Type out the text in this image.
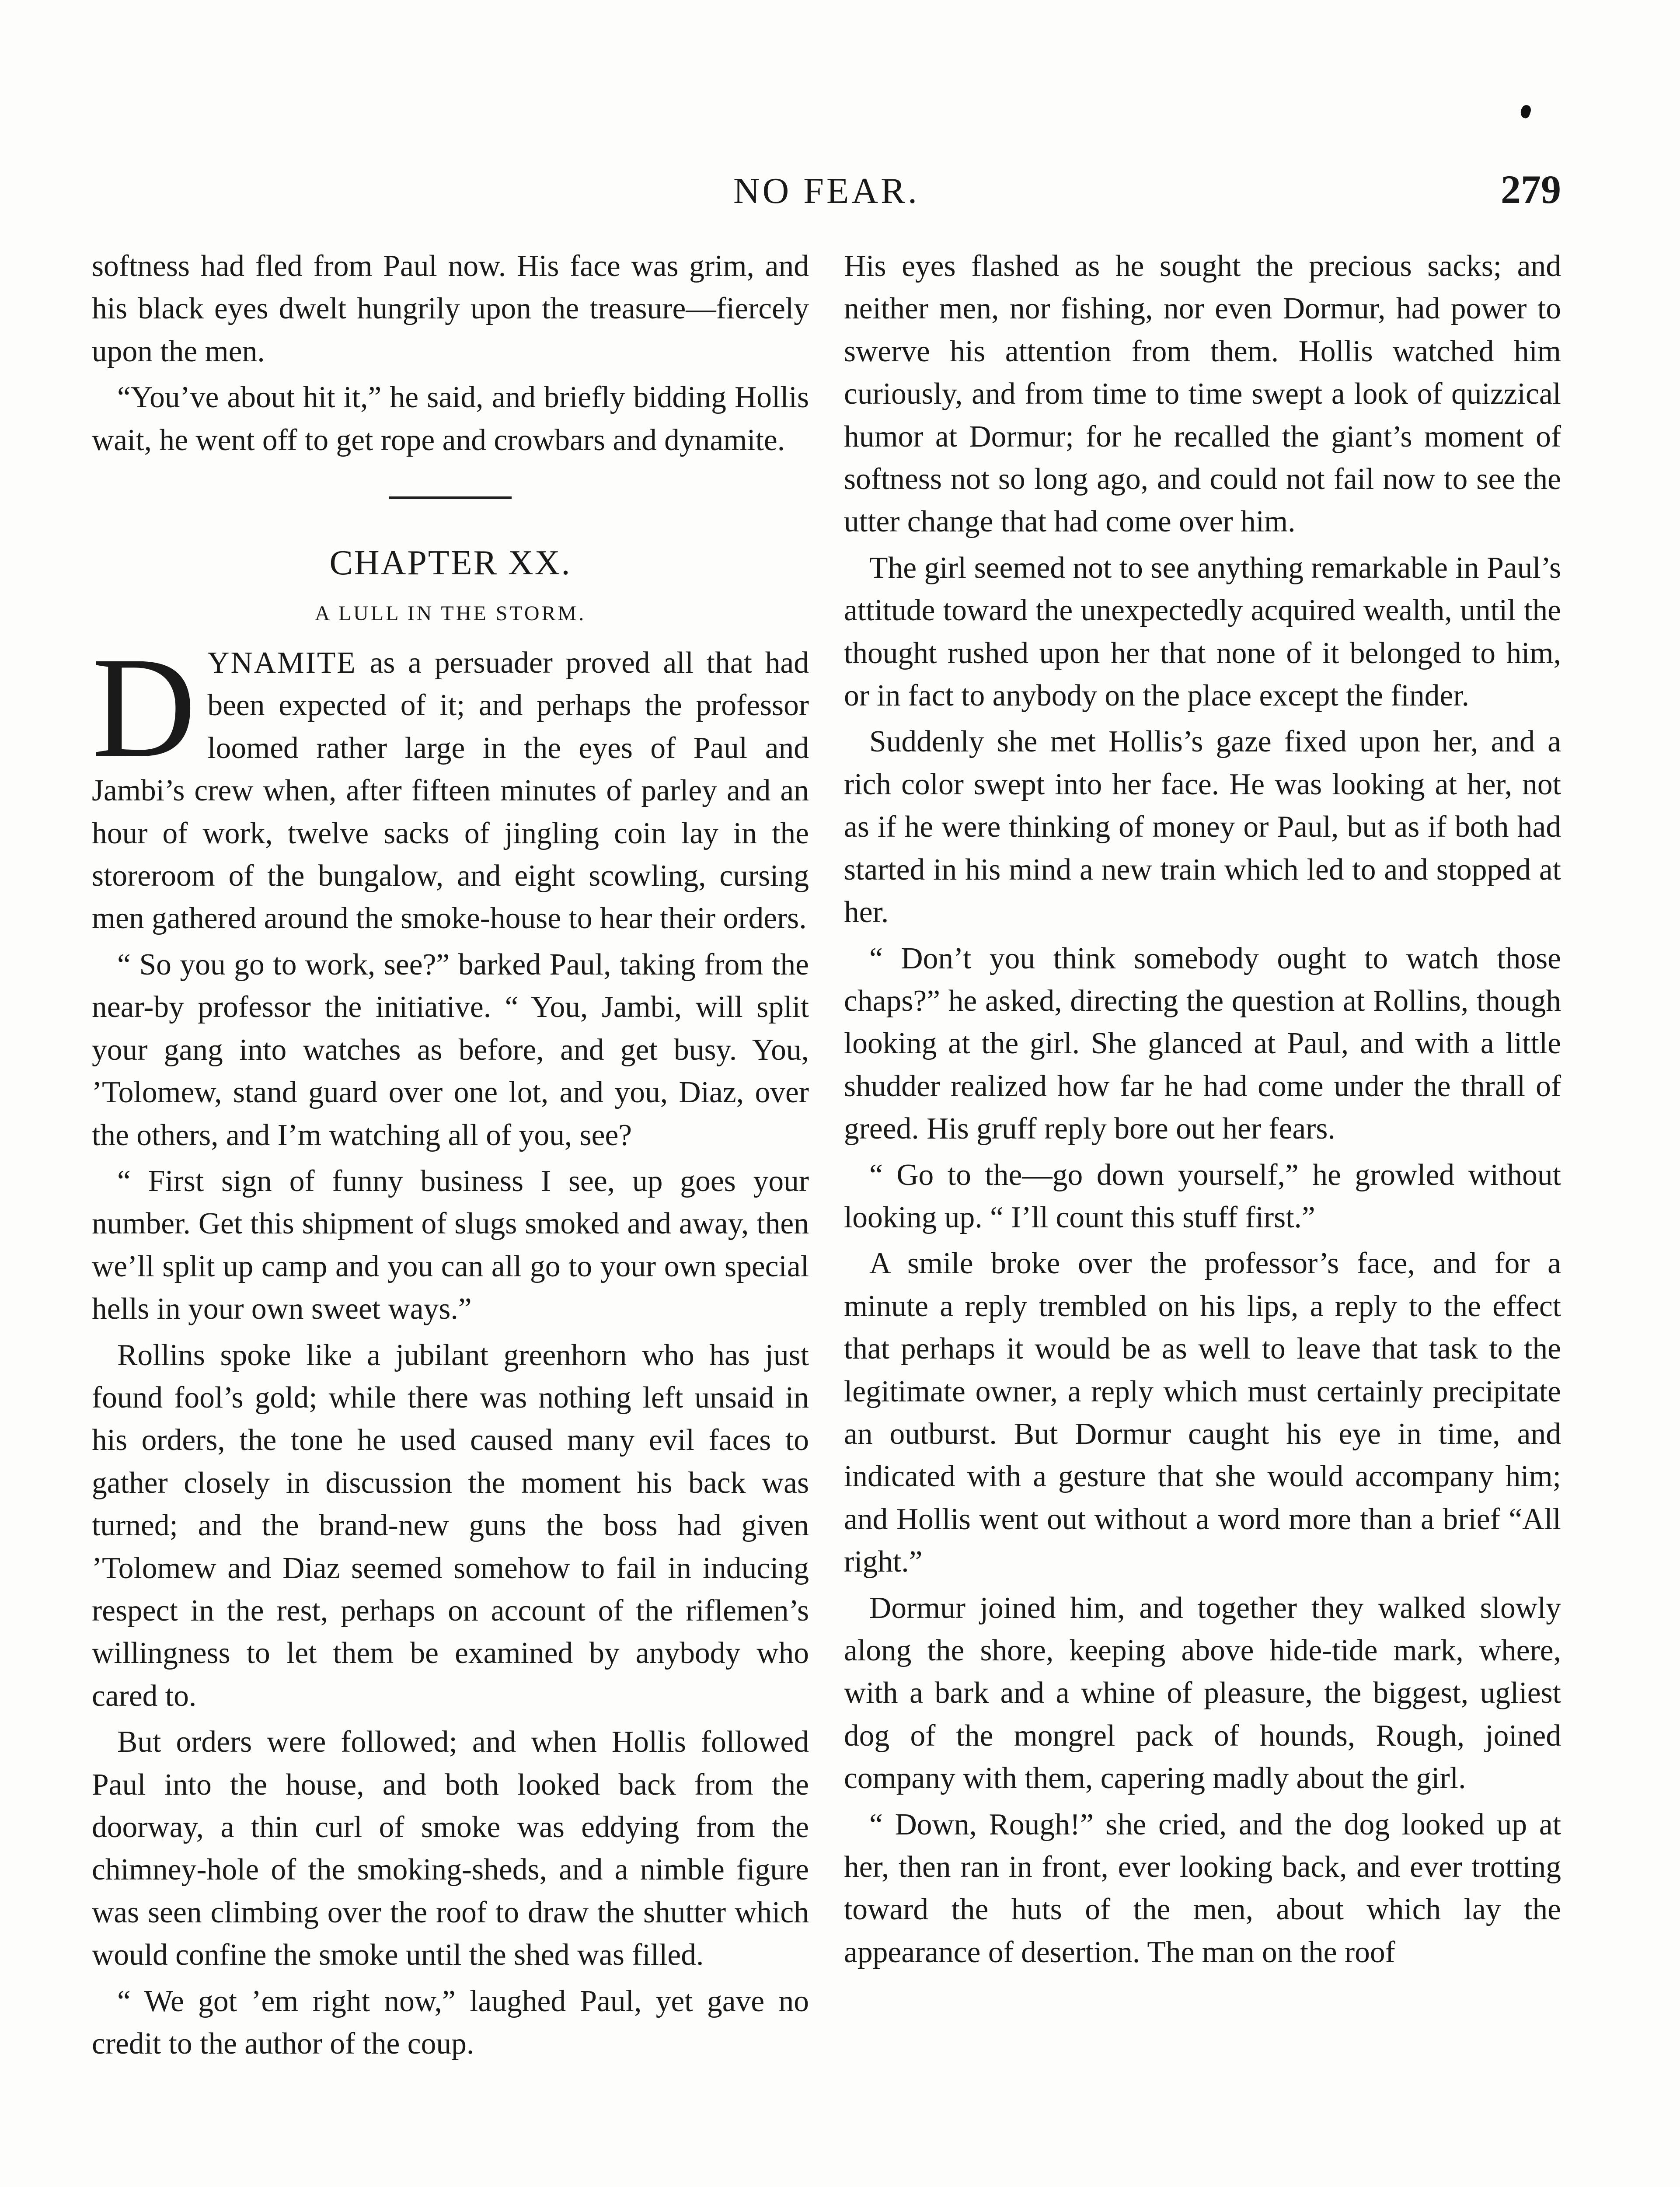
NO FEAR.	279

softness had fled from Paul now. His face was grim, and his black eyes dwelt hungrily upon the treasure—fiercely upon the men.

“You’ve about hit it,” he said, and briefly bidding Hollis wait, he went off to get rope and crowbars and dynamite.

CHAPTER XX.
A LULL IN THE STORM.

DYNAMITE as a persuader proved all that had been expected of it; and perhaps the professor loomed rather large in the eyes of Paul and Jambi’s crew when, after fifteen minutes of parley and an hour of work, twelve sacks of jingling coin lay in the storeroom of the bungalow, and eight scowling, cursing men gathered around the smoke-house to hear their orders.

“ So you go to work, see?” barked Paul, taking from the near-by professor the initiative. “ You, Jambi, will split your gang into watches as before, and get busy. You, ’Tolomew, stand guard over one lot, and you, Diaz, over the others, and I’m watching all of you, see?

“ First sign of funny business I see, up goes your number. Get this shipment of slugs smoked and away, then we’ll split up camp and you can all go to your own special hells in your own sweet ways.”

Rollins spoke like a jubilant greenhorn who has just found fool’s gold; while there was nothing left unsaid in his orders, the tone he used caused many evil faces to gather closely in discussion the moment his back was turned; and the brand-new guns the boss had given ’Tolomew and Diaz seemed somehow to fail in inducing respect in the rest, perhaps on account of the riflemen’s willingness to let them be examined by anybody who cared to.

But orders were followed; and when Hollis followed Paul into the house, and both looked back from the doorway, a thin curl of smoke was eddying from the chimney-hole of the smoking-sheds, and a nimble figure was seen climbing over the roof to draw the shutter which would confine the smoke until the shed was filled.

“ We got ’em right now,” laughed Paul, yet gave no credit to the author of the coup.

His eyes flashed as he sought the precious sacks; and neither men, nor fishing, nor even Dormur, had power to swerve his attention from them. Hollis watched him curiously, and from time to time swept a look of quizzical humor at Dormur; for he recalled the giant’s moment of softness not so long ago, and could not fail now to see the utter change that had come over him.

The girl seemed not to see anything remarkable in Paul’s attitude toward the unexpectedly acquired wealth, until the thought rushed upon her that none of it belonged to him, or in fact to anybody on the place except the finder.

Suddenly she met Hollis’s gaze fixed upon her, and a rich color swept into her face. He was looking at her, not as if he were thinking of money or Paul, but as if both had started in his mind a new train which led to and stopped at her.

“ Don’t you think somebody ought to watch those chaps?” he asked, directing the question at Rollins, though looking at the girl. She glanced at Paul, and with a little shudder realized how far he had come under the thrall of greed. His gruff reply bore out her fears.

“ Go to the—go down yourself,” he growled without looking up. “ I’ll count this stuff first.”

A smile broke over the professor’s face, and for a minute a reply trembled on his lips, a reply to the effect that perhaps it would be as well to leave that task to the legitimate owner, a reply which must certainly precipitate an outburst. But Dormur caught his eye in time, and indicated with a gesture that she would accompany him; and Hollis went out without a word more than a brief “All right.”

Dormur joined him, and together they walked slowly along the shore, keeping above hide-tide mark, where, with a bark and a whine of pleasure, the biggest, ugliest dog of the mongrel pack of hounds, Rough, joined company with them, capering madly about the girl.

“ Down, Rough!” she cried, and the dog looked up at her, then ran in front, ever looking back, and ever trotting toward the huts of the men, about which lay the appearance of desertion. The man on the roof
